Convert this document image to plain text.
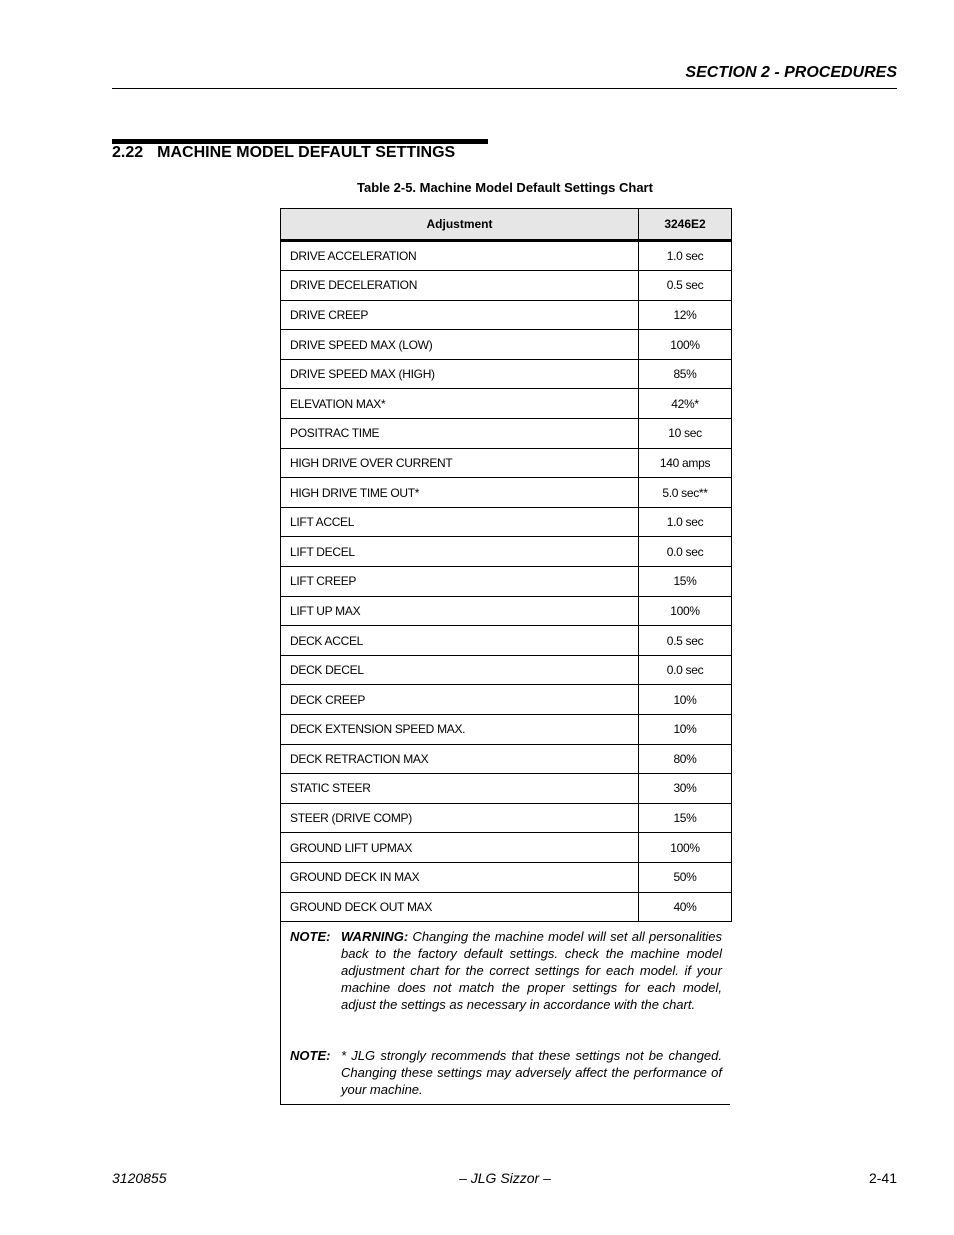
SECTION 2 - PROCEDURES
2.22 MACHINE MODEL DEFAULT SETTINGS
Table 2-5. Machine Model Default Settings Chart
Adjustment	3246E2

DRIVE ACCELERATION	1.0 sec
DRIVE DECELERATION	0.5 sec
DRIVE CREEP	12%
DRIVE SPEED MAX (LOW)	100%
DRIVE SPEED MAX (HIGH)	85%
ELEVATION MAX*	42%*
POSITRAC TIME	10 sec
HIGH DRIVE OVER CURRENT	140 amps
HIGH DRIVE TIME OUT*	5.0 sec**
LIFT ACCEL	1.0 sec
LIFT DECEL	0.0 sec
LIFT CREEP	15%
LIFT UP MAX	100%
DECK ACCEL	0.5 sec
DECK DECEL	0.0 sec
DECK CREEP	10%
DECK EXTENSION SPEED MAX.	10%
DECK RETRACTION MAX	80%
STATIC STEER	30%
STEER (DRIVE COMP)	15%
GROUND LIFT UPMAX	100%
GROUND DECK IN MAX	50%
GROUND DECK OUT MAX	40%
NOTE: WARNING: Changing the machine model will set all personalities back to the factory default settings. check the machine model adjustment chart for the correct settings for each model. if your machine does not match the proper settings for each model, adjust the settings as necessary in accordance with the chart.
NOTE: * JLG strongly recommends that these settings not be changed. Changing these settings may adversely affect the performance of your machine.
3120855	– JLG Sizzor –	2-41
